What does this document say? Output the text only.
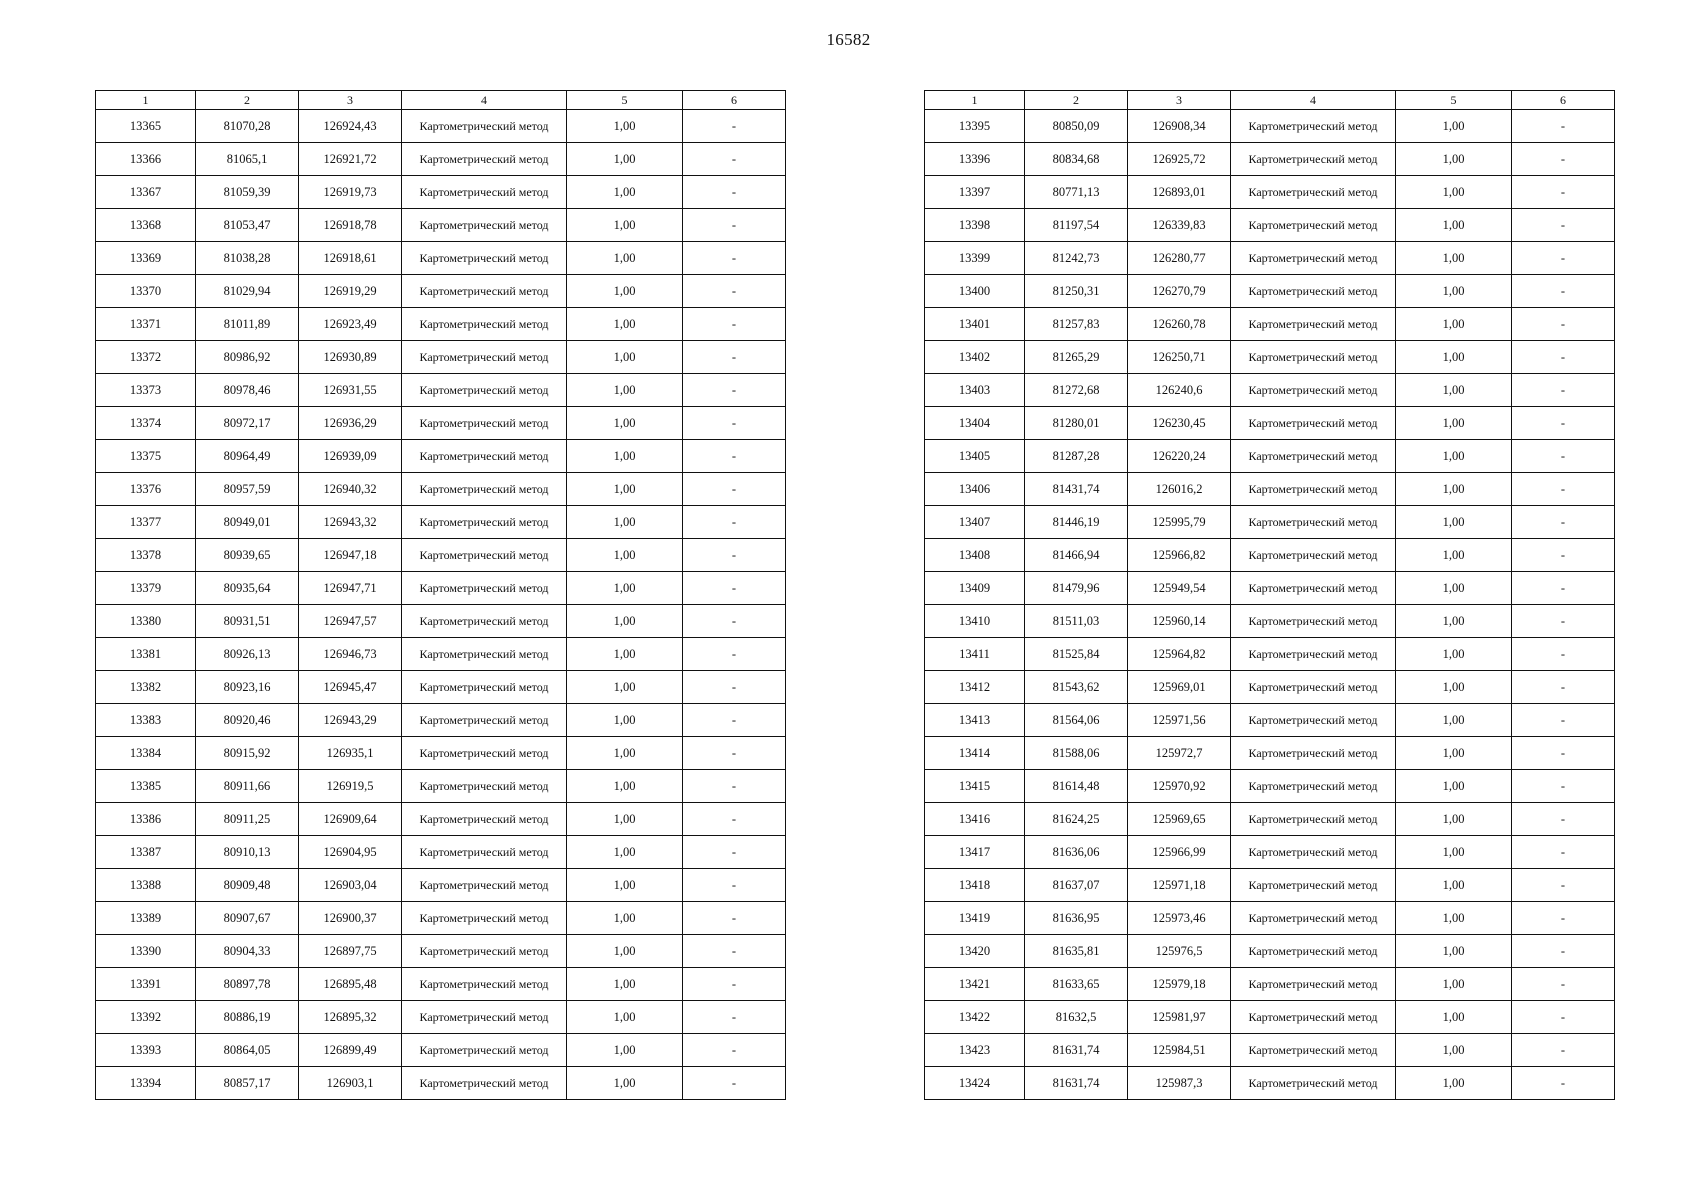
16582
1	2	3	4	5	6
13365	81070,28	126924,43	Картометрический метод	1,00	-
13366	81065,1	126921,72	Картометрический метод	1,00	-
13367	81059,39	126919,73	Картометрический метод	1,00	-
13368	81053,47	126918,78	Картометрический метод	1,00	-
13369	81038,28	126918,61	Картометрический метод	1,00	-
13370	81029,94	126919,29	Картометрический метод	1,00	-
13371	81011,89	126923,49	Картометрический метод	1,00	-
13372	80986,92	126930,89	Картометрический метод	1,00	-
13373	80978,46	126931,55	Картометрический метод	1,00	-
13374	80972,17	126936,29	Картометрический метод	1,00	-
13375	80964,49	126939,09	Картометрический метод	1,00	-
13376	80957,59	126940,32	Картометрический метод	1,00	-
13377	80949,01	126943,32	Картометрический метод	1,00	-
13378	80939,65	126947,18	Картометрический метод	1,00	-
13379	80935,64	126947,71	Картометрический метод	1,00	-
13380	80931,51	126947,57	Картометрический метод	1,00	-
13381	80926,13	126946,73	Картометрический метод	1,00	-
13382	80923,16	126945,47	Картометрический метод	1,00	-
13383	80920,46	126943,29	Картометрический метод	1,00	-
13384	80915,92	126935,1	Картометрический метод	1,00	-
13385	80911,66	126919,5	Картометрический метод	1,00	-
13386	80911,25	126909,64	Картометрический метод	1,00	-
13387	80910,13	126904,95	Картометрический метод	1,00	-
13388	80909,48	126903,04	Картометрический метод	1,00	-
13389	80907,67	126900,37	Картометрический метод	1,00	-
13390	80904,33	126897,75	Картометрический метод	1,00	-
13391	80897,78	126895,48	Картометрический метод	1,00	-
13392	80886,19	126895,32	Картометрический метод	1,00	-
13393	80864,05	126899,49	Картометрический метод	1,00	-
13394	80857,17	126903,1	Картометрический метод	1,00	-
1	2	3	4	5	6
13395	80850,09	126908,34	Картометрический метод	1,00	-
13396	80834,68	126925,72	Картометрический метод	1,00	-
13397	80771,13	126893,01	Картометрический метод	1,00	-
13398	81197,54	126339,83	Картометрический метод	1,00	-
13399	81242,73	126280,77	Картометрический метод	1,00	-
13400	81250,31	126270,79	Картометрический метод	1,00	-
13401	81257,83	126260,78	Картометрический метод	1,00	-
13402	81265,29	126250,71	Картометрический метод	1,00	-
13403	81272,68	126240,6	Картометрический метод	1,00	-
13404	81280,01	126230,45	Картометрический метод	1,00	-
13405	81287,28	126220,24	Картометрический метод	1,00	-
13406	81431,74	126016,2	Картометрический метод	1,00	-
13407	81446,19	125995,79	Картометрический метод	1,00	-
13408	81466,94	125966,82	Картометрический метод	1,00	-
13409	81479,96	125949,54	Картометрический метод	1,00	-
13410	81511,03	125960,14	Картометрический метод	1,00	-
13411	81525,84	125964,82	Картометрический метод	1,00	-
13412	81543,62	125969,01	Картометрический метод	1,00	-
13413	81564,06	125971,56	Картометрический метод	1,00	-
13414	81588,06	125972,7	Картометрический метод	1,00	-
13415	81614,48	125970,92	Картометрический метод	1,00	-
13416	81624,25	125969,65	Картометрический метод	1,00	-
13417	81636,06	125966,99	Картометрический метод	1,00	-
13418	81637,07	125971,18	Картометрический метод	1,00	-
13419	81636,95	125973,46	Картометрический метод	1,00	-
13420	81635,81	125976,5	Картометрический метод	1,00	-
13421	81633,65	125979,18	Картометрический метод	1,00	-
13422	81632,5	125981,97	Картометрический метод	1,00	-
13423	81631,74	125984,51	Картометрический метод	1,00	-
13424	81631,74	125987,3	Картометрический метод	1,00	-
